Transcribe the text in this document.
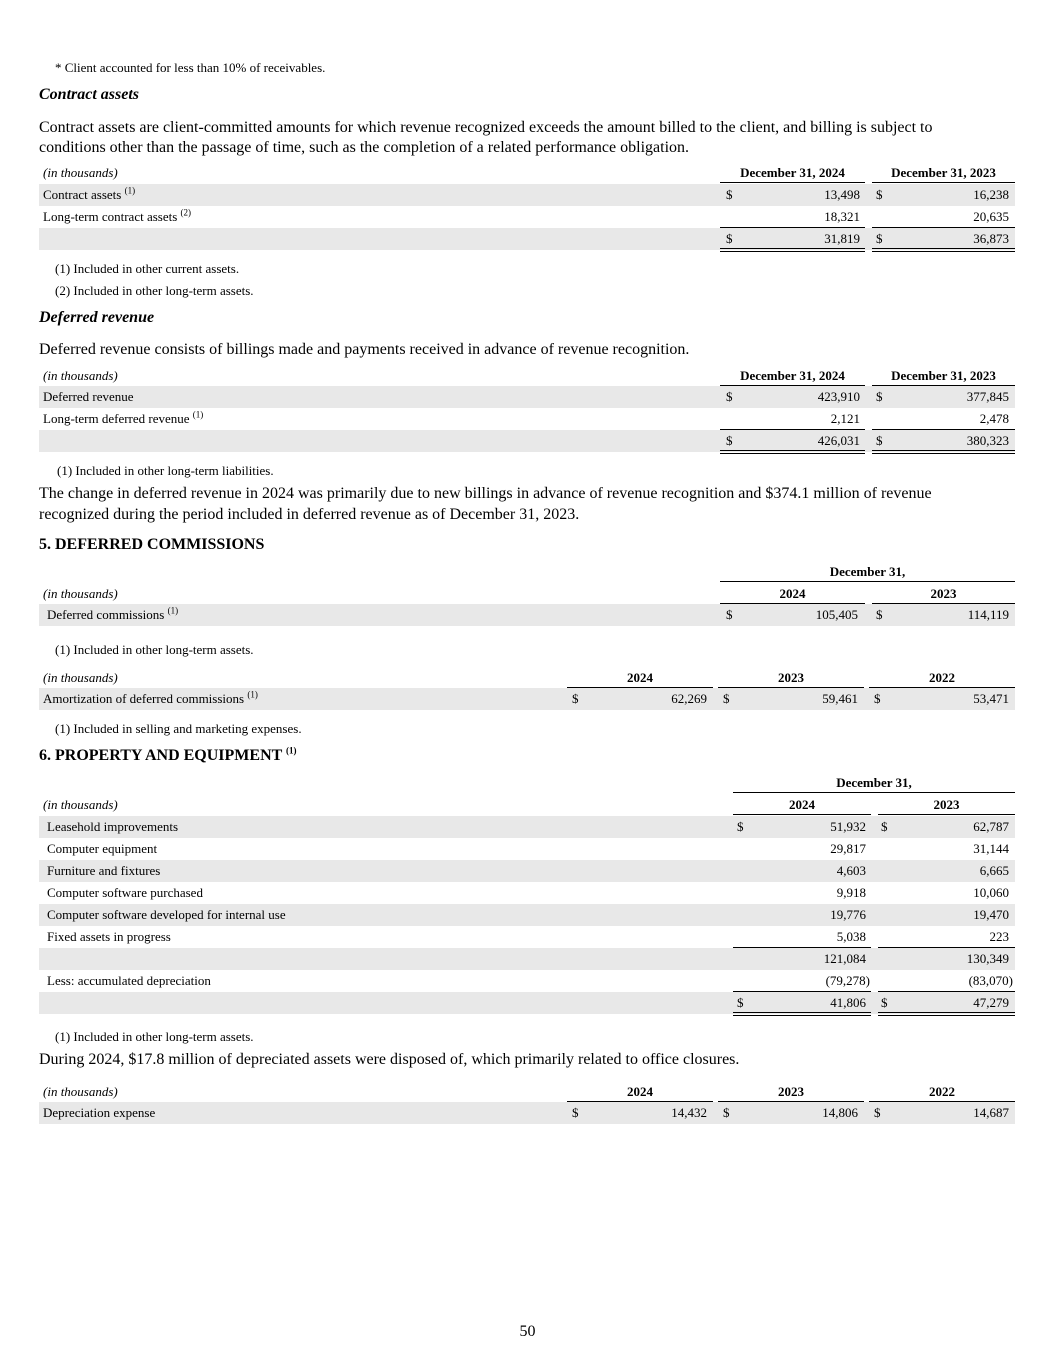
* Client accounted for less than 10% of receivables.
Contract assets
Contract assets are client-committed amounts for which revenue recognized exceeds the amount billed to the client, and billing is subject to
conditions other than the passage of time, such as the completion of a related performance obligation.
(in thousands)	December 31, 2024	December 31, 2023
Contract assets $^{(1)}$	$	13,498 $	16,238
Long-term contract assets $^{(2)}$	18,321	20,635
$	31,819 $	36,873
(1) Included in other current assets.
(2) Included in other long-term assets.
Deferred revenue
Deferred revenue consists of billings made and payments received in advance of revenue recognition.
(in thousands)	December 31, 2024	December 31, 2023
Deferred revenue	$	423,910 $	377,845
Long-term deferred revenue $^{(1)}$	2,121	2,478
$	426,031 $	380,323
(1) Included in other long-term liabilities.
The change in deferred revenue in 2024 was primarily due to new billings in advance of revenue recognition and $374.1 million of revenue
recognized during the period included in deferred revenue as of December 31, 2023.
5. DEFERRED COMMISSIONS
December 31,
(in thousands)	2024	2023
Deferred commissions $^{(1)}$	$	105,405 $	114,119
(1) Included in other long-term assets.
(in thousands)	2024	2023	2022
Amortization of deferred commissions $^{(1)}$	$	62,269 $	59,461 $	53,471
(1) Included in selling and marketing expenses.
6. PROPERTY AND EQUIPMENT $^{(1)}$
December 31,
(in thousands)	2024	2023
Leasehold improvements	$	51,932 $	62,787
Computer equipment	29,817	31,144
Furniture and fixtures	4,603	6,665
Computer software purchased	9,918	10,060
Computer software developed for internal use	19,776	19,470
Fixed assets in progress	5,038	223
121,084	130,349
Less: accumulated depreciation	(79,278)	(83,070)
$	41,806 $	47,279
(1) Included in other long-term assets.
During 2024, $17.8 million of depreciated assets were disposed of, which primarily related to office closures.
(in thousands)	2024	2023	2022
Depreciation expense	$	14,432 $	14,806 $	14,687
50
